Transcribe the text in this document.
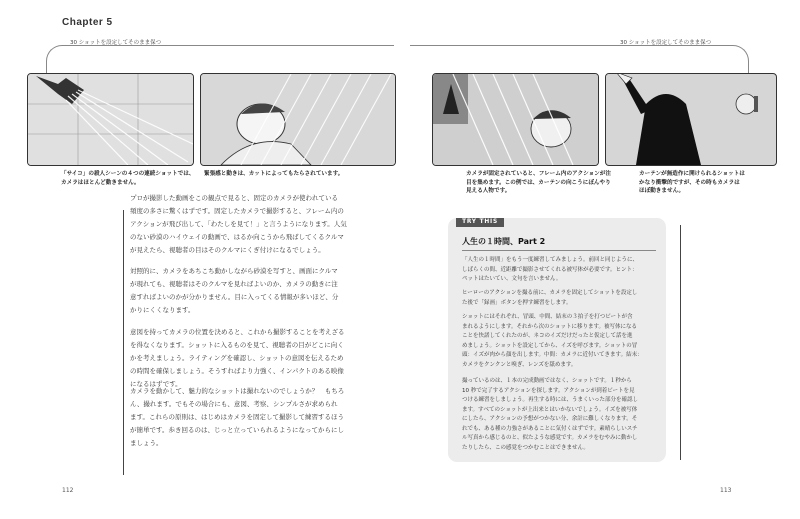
Chapter 5
30 ショットを設定してそのまま保つ	30 ショットを設定してそのまま保つ
「サイコ」の殺人シーンの４つの連続ショットでは、
カメラはほとんど動きません。
緊張感と動きは、カットによってもたらされています。	カメラが固定されていると、フレーム内のアクションが注
目を集めます。この例では、カーテンの向こうにぼんやり
見える人物です。
カーテンが無造作に開けられるショットは
かなり衝撃的ですが、その時もカメラは
ほぼ動きません。
プロが撮影した動画をこの観点で見ると、固定のカメラが使われている
頻度の多さに驚くはずです。固定したカメラで撮影すると、フレーム内の
アクションが飛び出して、「わたしを見て！」と言うようになります。人気
のない砂漠のハイウェイの動画で、はるか向こうから飛ばしてくるクルマ
が見えたら、視聴者の目はそのクルマにくぎ付けになるでしょう。
対照的に、カメラをあちこち動かしながら砂漠を写すと、画面にクルマ
が現れても、視聴者はそのクルマを見ればよいのか、カメラの動きに注
意すればよいのかが分かりません。目に入ってくる情報が多いほど、分
かりにくくなります。
意図を持ってカメラの位置を決めると、これから撮影することを考えざる
を得なくなります。ショットに入るものを見て、視聴者の目がどこに向く
かを考えましょう。ライティングを確認し、ショットの意図を伝えるため
の時間を確保しましょう。そうすればより力強く、インパクトのある映像
になるはずです。
カメラを動かして、魅力的なショットは撮れないのでしょうか？　もちろ
ん、撮れます。でもその場合にも、意図、考察、シンプルさが求められ
ます。これらの原則は、はじめはカメラを固定して撮影して練習するほう
が簡単です。歩き回るのは、じっと立っていられるようになってからにし
ましょう。
TRY THIS
人生の１時間、Part 2
「人生の１時間」をもう一度練習してみましょう。前回と同じように、
しばらくの間、近距離で撮影させてくれる被写体が必要です。ヒント：
ペットはたいてい、文句を言いません。
ヒーローのアクションを撮る前に、カメラを固定してショットを設定し
た後で「録画」ボタンを押す練習をします。
ショットにはそれぞれ、冒頭、中間、結末の３拍子を打つビートが含
まれるようにします。それから次のショットに移ります。被写体になる
ことを快諾してくれたのが、ネコのイズだけだったと仮定して話を進
めましょう。ショットを設定してから、イズを呼びます。ショットの冒
頭：イズが肉から顔を出します。中間：カメラに近付いてきます。結末：
カメラをクンクンと嗅ぎ、レンズを舐めます。
撮っているのは、１本の完成動画ではなく、ショットです。１秒から
10 秒で完了するアクションを探します。アクションが到着ビートを見
つける練習をしましょう。再生する時には、うまくいった部分を確認し
ます。すべてのショットが上出来とはいかないでしょう。イズを被写体
にしたら、アクションの予想がつかない分、余計に難しくなります。そ
れでも、ある種の力強さがあることに気付くはずです。素晴らしいスチ
ル写真から感じるのと、似たような感覚です。カメラをむやみに動かし
たりしたら、この感覚をつかむことはできません。
112	113
